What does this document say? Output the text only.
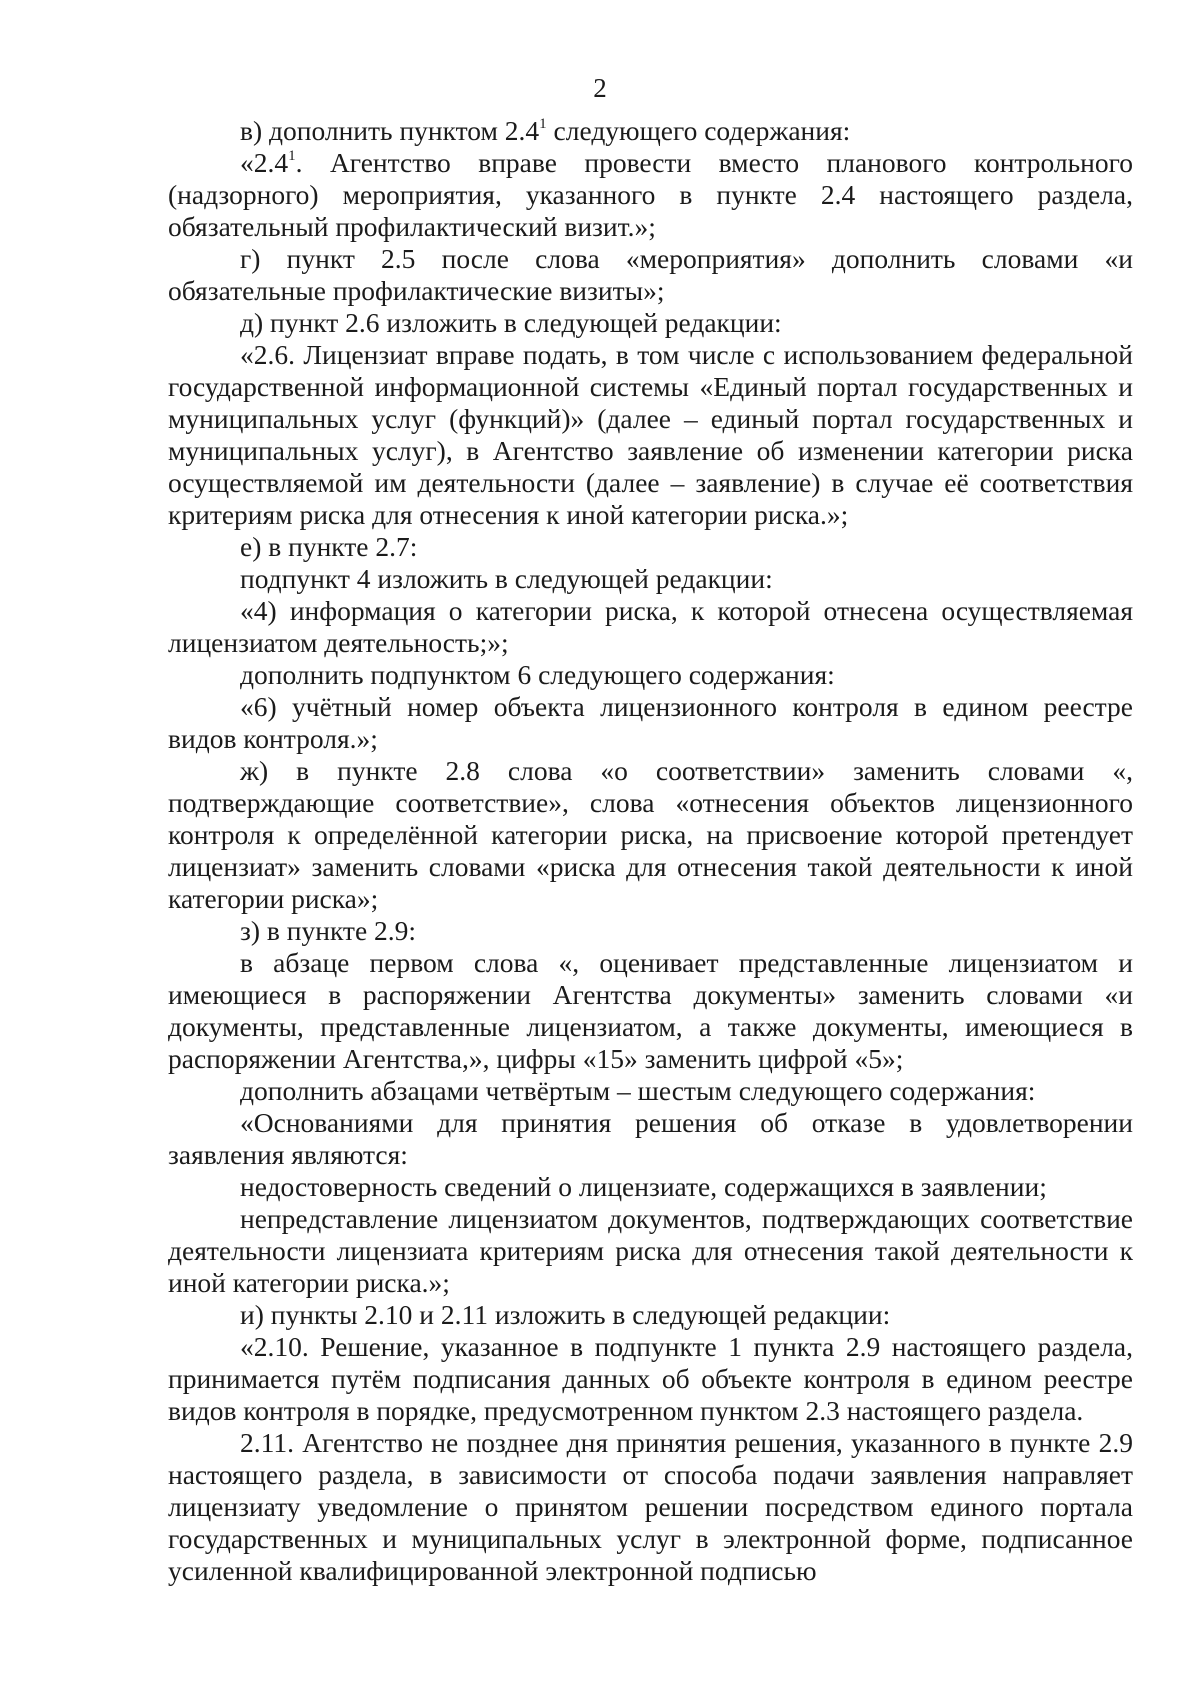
2

в) дополнить пунктом $2.4^1$ следующего содержания:

«$2.4^1$. Агентство вправе провести вместо планового контрольного (надзорного) мероприятия, указанного в пункте 2.4 настоящего раздела, обязательный профилактический визит.»;

г) пункт 2.5 после слова «мероприятия» дополнить словами «и обязательные профилактические визиты»;

д) пункт 2.6 изложить в следующей редакции:

«2.6. Лицензиат вправе подать, в том числе с использованием федеральной государственной информационной системы «Единый портал государственных и муниципальных услуг (функций)» (далее – единый портал государственных и муниципальных услуг), в Агентство заявление об изменении категории риска осуществляемой им деятельности (далее – заявление) в случае её соответствия критериям риска для отнесения к иной категории риска.»;

е) в пункте 2.7:

подпункт 4 изложить в следующей редакции:

«4) информация о категории риска, к которой отнесена осуществляемая лицензиатом деятельность;»;

дополнить подпунктом 6 следующего содержания:

«6) учётный номер объекта лицензионного контроля в едином реестре видов контроля.»;

ж) в пункте 2.8 слова «о соответствии» заменить словами «, подтверждающие соответствие», слова «отнесения объектов лицензионного контроля к определённой категории риска, на присвоение которой претендует лицензиат» заменить словами «риска для отнесения такой деятельности к иной категории риска»;

з) в пункте 2.9:

в абзаце первом слова «, оценивает представленные лицензиатом и имеющиеся в распоряжении Агентства документы» заменить словами «и документы, представленные лицензиатом, а также документы, имеющиеся в распоряжении Агентства,», цифры «15» заменить цифрой «5»;

дополнить абзацами четвёртым – шестым следующего содержания:

«Основаниями для принятия решения об отказе в удовлетворении заявления являются:

недостоверность сведений о лицензиате, содержащихся в заявлении;

непредставление лицензиатом документов, подтверждающих соответствие деятельности лицензиата критериям риска для отнесения такой деятельности к иной категории риска.»;

и) пункты 2.10 и 2.11 изложить в следующей редакции:

«2.10. Решение, указанное в подпункте 1 пункта 2.9 настоящего раздела, принимается путём подписания данных об объекте контроля в едином реестре видов контроля в порядке, предусмотренном пунктом 2.3 настоящего раздела.

2.11. Агентство не позднее дня принятия решения, указанного в пункте 2.9 настоящего раздела, в зависимости от способа подачи заявления направляет лицензиату уведомление о принятом решении посредством единого портала государственных и муниципальных услуг в электронной форме, подписанное усиленной квалифицированной электронной подписью
